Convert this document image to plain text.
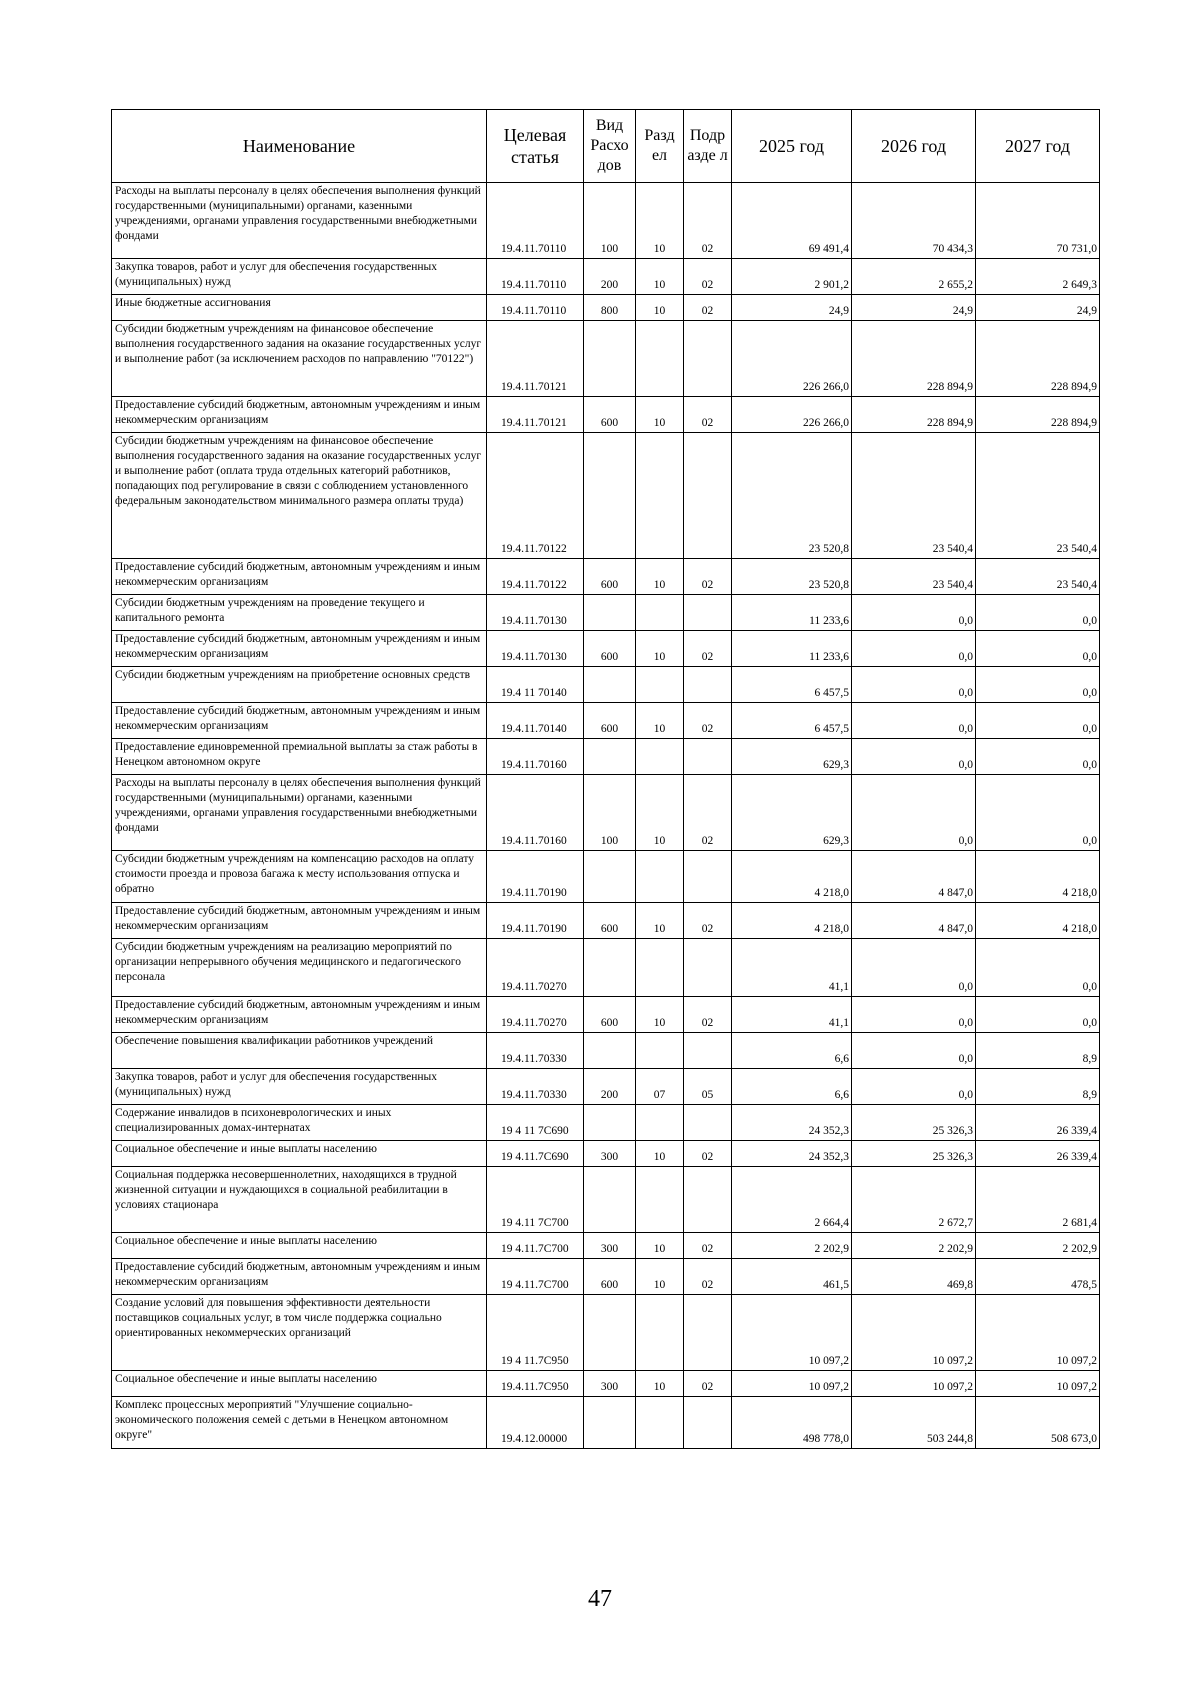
Наименование	Целевая статья	Вид Расхо дов	Разд ел	Подр азде л	2025 год	2026 год	2027 год
Расходы на выплаты персоналу в целях обеспечения выполнения функций государственными (муниципальными) органами, казенными учреждениями, органами управления государственными внебюджетными фондами	19.4.11.70110	100	10	02	69 491,4	70 434,3	70 731,0
Закупка товаров, работ и услуг для обеспечения государственных (муниципальных) нужд	19.4.11.70110	200	10	02	2 901,2	2 655,2	2 649,3
Иные бюджетные ассигнования	19.4.11.70110	800	10	02	24,9	24,9	24,9
Субсидии бюджетным учреждениям на финансовое обеспечение выполнения государственного задания на оказание государственных услуг и выполнение работ (за исключением расходов по направлению "70122")	19.4.11.70121				226 266,0	228 894,9	228 894,9
Предоставление субсидий бюджетным, автономным учреждениям и иным некоммерческим организациям	19.4.11.70121	600	10	02	226 266,0	228 894,9	228 894,9
Субсидии бюджетным учреждениям на финансовое обеспечение выполнения государственного задания на оказание государственных услуг и выполнение работ (оплата труда отдельных категорий работников, попадающих под регулирование в связи с соблюдением установленного федеральным законодательством минимального размера оплаты труда)	19.4.11.70122				23 520,8	23 540,4	23 540,4
Предоставление субсидий бюджетным, автономным учреждениям и иным некоммерческим организациям	19.4.11.70122	600	10	02	23 520,8	23 540,4	23 540,4
Субсидии бюджетным учреждениям на проведение текущего и капитального ремонта	19.4.11.70130				11 233,6	0,0	0,0
Предоставление субсидий бюджетным, автономным учреждениям и иным некоммерческим организациям	19.4.11.70130	600	10	02	11 233,6	0,0	0,0
Субсидии бюджетным учреждениям на приобретение основных средств	19.4 11 70140				6 457,5	0,0	0,0
Предоставление субсидий бюджетным, автономным учреждениям и иным некоммерческим организациям	19.4.11.70140	600	10	02	6 457,5	0,0	0,0
Предоставление единовременной премиальной выплаты за стаж работы в Ненецком автономном округе	19.4.11.70160				629,3	0,0	0,0
Расходы на выплаты персоналу в целях обеспечения выполнения функций государственными (муниципальными) органами, казенными учреждениями, органами управления государственными внебюджетными фондами	19.4.11.70160	100	10	02	629,3	0,0	0,0
Субсидии бюджетным учреждениям на компенсацию расходов на оплату стоимости проезда и провоза багажа к месту использования отпуска и обратно	19.4.11.70190				4 218,0	4 847,0	4 218,0
Предоставление субсидий бюджетным, автономным учреждениям и иным некоммерческим организациям	19.4.11.70190	600	10	02	4 218,0	4 847,0	4 218,0
Субсидии бюджетным учреждениям на реализацию мероприятий по организации непрерывного обучения медицинского и педагогического персонала	19.4.11.70270				41,1	0,0	0,0
Предоставление субсидий бюджетным, автономным учреждениям и иным некоммерческим организациям	19.4.11.70270	600	10	02	41,1	0,0	0,0
Обеспечение повышения квалификации работников учреждений	19.4.11.70330				6,6	0,0	8,9
Закупка товаров, работ и услуг для обеспечения государственных (муниципальных) нужд	19.4.11.70330	200	07	05	6,6	0,0	8,9
Содержание инвалидов в психоневрологических и иных специализированных домах-интернатах	19 4 11 7С690				24 352,3	25 326,3	26 339,4
Социальное обеспечение и иные выплаты населению	19 4.11.7С690	300	10	02	24 352,3	25 326,3	26 339,4
Социальная поддержка несовершеннолетних, находящихся в трудной жизненной ситуации и нуждающихся в социальной реабилитации в условиях стационара	19 4.11 7С700				2 664,4	2 672,7	2 681,4
Социальное обеспечение и иные выплаты населению	19 4.11.7С700	300	10	02	2 202,9	2 202,9	2 202,9
Предоставление субсидий бюджетным, автономным учреждениям и иным некоммерческим организациям	19 4.11.7С700	600	10	02	461,5	469,8	478,5
Создание условий для повышения эффективности деятельности поставщиков социальных услуг, в том числе поддержка социально ориентированных некоммерческих организаций	19 4 11.7С950				10 097,2	10 097,2	10 097,2
Социальное обеспечение и иные выплаты населению	19.4.11.7С950	300	10	02	10 097,2	10 097,2	10 097,2
Комплекс процессных мероприятий "Улучшение социально-экономического положения семей с детьми в Ненецком автономном округе"	19.4.12.00000				498 778,0	503 244,8	508 673,0
47
